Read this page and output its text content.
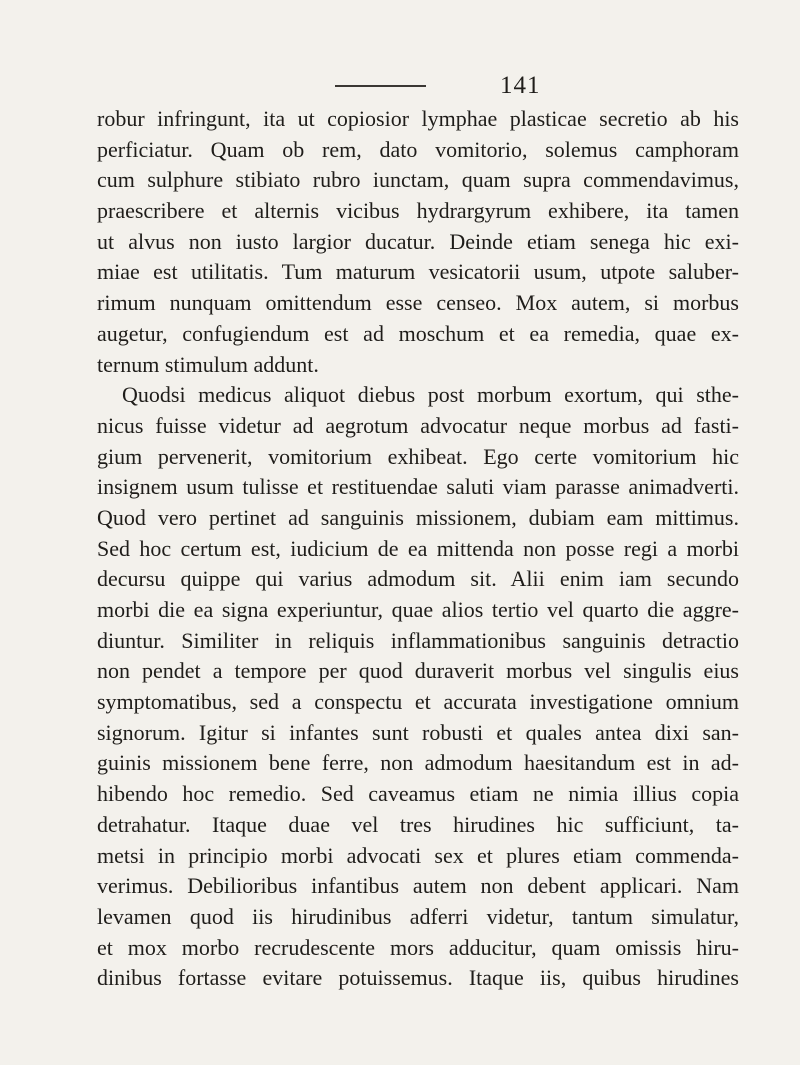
141
robur infringunt, ita ut copiosior lymphae plasticae secretio ab his
perficiatur. Quam ob rem, dato vomitorio, solemus camphoram
cum sulphure stibiato rubro iunctam, quam supra commendavimus,
praescribere et alternis vicibus hydrargyrum exhibere, ita tamen
ut alvus non iusto largior ducatur. Deinde etiam senega hic exi-
miae est utilitatis. Tum maturum vesicatorii usum, utpote saluber-
rimum nunquam omittendum esse censeo. Mox autem, si morbus
augetur, confugiendum est ad moschum et ea remedia, quae ex-
ternum stimulum addunt.
Quodsi medicus aliquot diebus post morbum exortum, qui sthe-
nicus fuisse videtur ad aegrotum advocatur neque morbus ad fasti-
gium pervenerit, vomitorium exhibeat. Ego certe vomitorium hic
insignem usum tulisse et restituendae saluti viam parasse animadverti.
Quod vero pertinet ad sanguinis missionem, dubiam eam mittimus.
Sed hoc certum est, iudicium de ea mittenda non posse regi a morbi
decursu quippe qui varius admodum sit. Alii enim iam secundo
morbi die ea signa experiuntur, quae alios tertio vel quarto die aggre-
diuntur. Similiter in reliquis inflammationibus sanguinis detractio
non pendet a tempore per quod duraverit morbus vel singulis eius
symptomatibus, sed a conspectu et accurata investigatione omnium
signorum. Igitur si infantes sunt robusti et quales antea dixi san-
guinis missionem bene ferre, non admodum haesitandum est in ad-
hibendo hoc remedio. Sed caveamus etiam ne nimia illius copia
detrahatur. Itaque duae vel tres hirudines hic sufficiunt, ta-
metsi in principio morbi advocati sex et plures etiam commenda-
verimus. Debilioribus infantibus autem non debent applicari. Nam
levamen quod iis hirudinibus adferri videtur, tantum simulatur,
et mox morbo recrudescente mors adducitur, quam omissis hiru-
dinibus fortasse evitare potuissemus. Itaque iis, quibus hirudines
